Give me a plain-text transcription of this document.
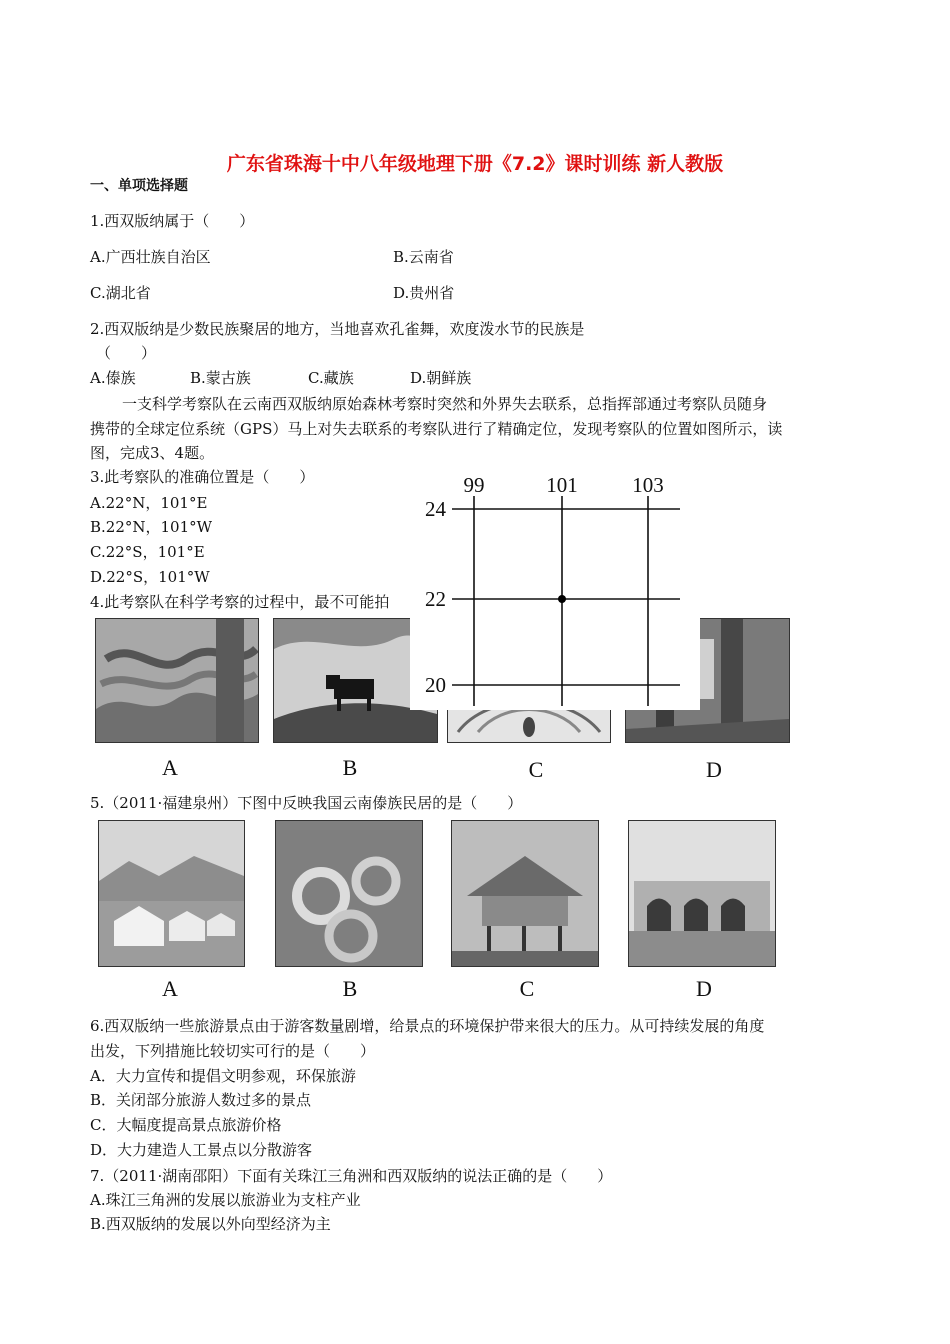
广东省珠海十中八年级地理下册《7.2》课时训练 新人教版
一、单项选择题
1.西双版纳属于（　　）
A.广西壮族自治区	B.云南省
C.湖北省	D.贵州省
2.西双版纳是少数民族聚居的地方，当地喜欢孔雀舞，欢度泼水节的民族是
（　　）
A.傣族	B.蒙古族	C.藏族	D.朝鲜族
一支科学考察队在云南西双版纳原始森林考察时突然和外界失去联系，总指挥部通过考察队员随身
携带的全球定位系统（GPS）马上对失去联系的考察队进行了精确定位，发现考察队的位置如图所示，读
图，完成3、4题。
3.此考察队的准确位置是（　　）
A.22°N，101°E
B.22°N，101°W
C.22°S，101°E
D.22°S，101°W
4.此考察队在科学考察的过程中，最不可能拍
A	B	C	D
99	101	103
24
22
20
5.（2011·福建泉州）下图中反映我国云南傣族民居的是（　　）
A	B	C	D
6.西双版纳一些旅游景点由于游客数量剧增，给景点的环境保护带来很大的压力。从可持续发展的角度
出发，下列措施比较切实可行的是（　　）
A．大力宣传和提倡文明参观，环保旅游
B．关闭部分旅游人数过多的景点
C．大幅度提高景点旅游价格
D．大力建造人工景点以分散游客
7.（2011·湖南邵阳）下面有关珠江三角洲和西双版纳的说法正确的是（　　）
A.珠江三角洲的发展以旅游业为支柱产业
B.西双版纳的发展以外向型经济为主
